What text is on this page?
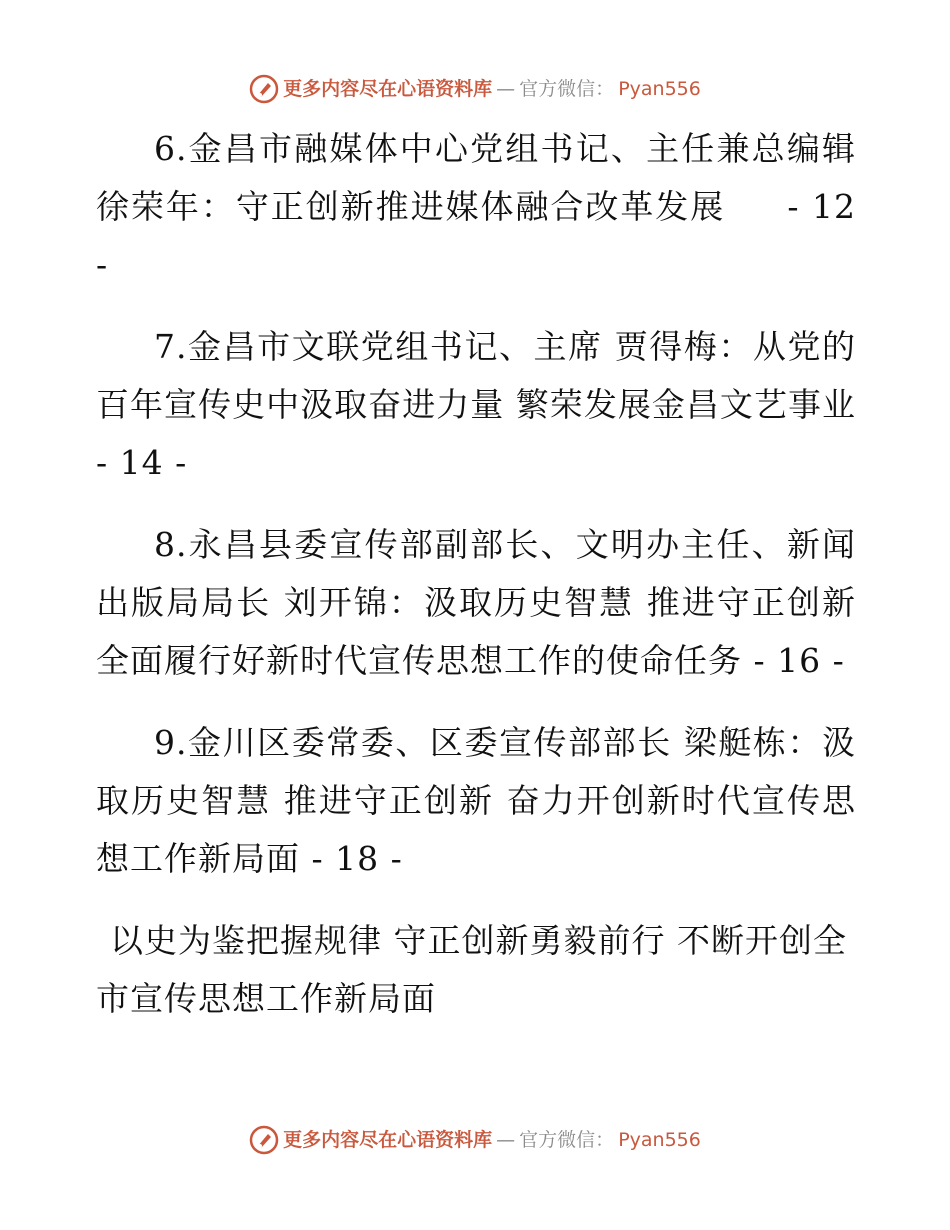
更多内容尽在心语资料库 — 官方微信： Pyan556

6.金昌市融媒体中心党组书记、主任兼总编辑徐荣年：守正创新推进媒体融合改革发展     - 12 -

7.金昌市文联党组书记、主席 贾得梅：从党的百年宣传史中汲取奋进力量 繁荣发展金昌文艺事业 - 14 -

8.永昌县委宣传部副部长、文明办主任、新闻出版局局长 刘开锦：汲取历史智慧 推进守正创新 全面履行好新时代宣传思想工作的使命任务 - 16 -

9.金川区委常委、区委宣传部部长 梁艇栋：汲取历史智慧 推进守正创新 奋力开创新时代宣传思想工作新局面 - 18 -

以史为鉴把握规律 守正创新勇毅前行 不断开创全市宣传思想工作新局面

更多内容尽在心语资料库 — 官方微信： Pyan556
